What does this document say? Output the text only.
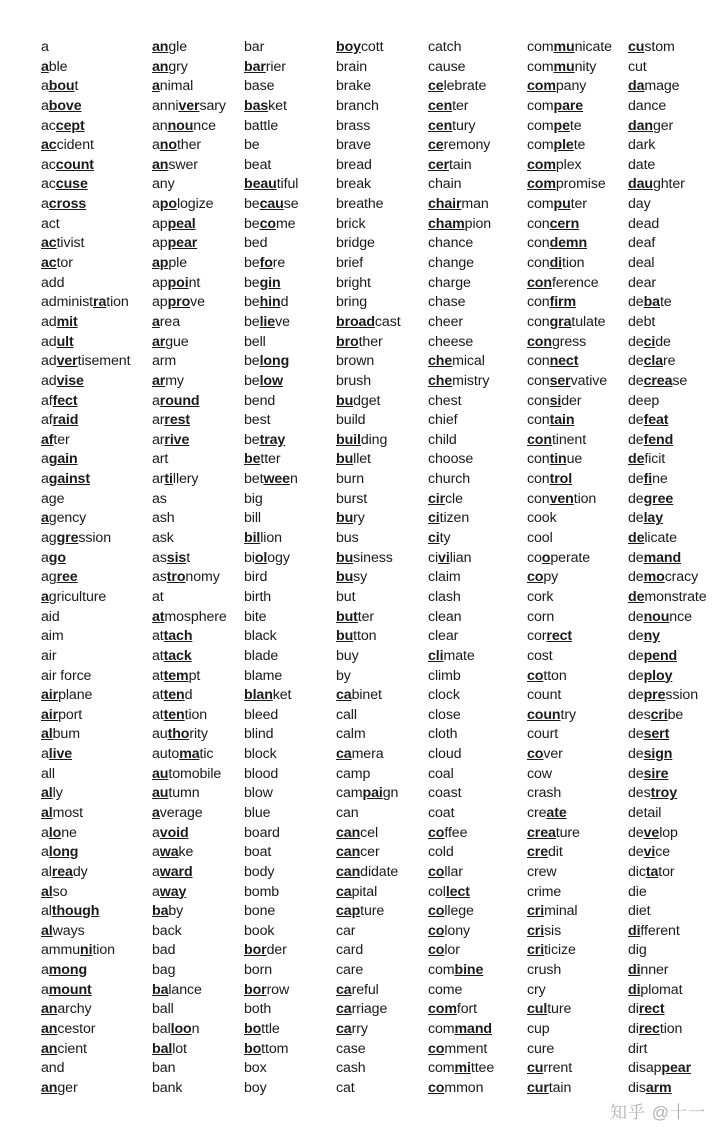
a
able
about
above
accept
accident
account
accuse
across
act
activist
actor
add
administration
admit
adult
advertisement
advise
affect
afraid
after
again
against
age
agency
aggression
ago
agree
agriculture
aid
aim
air
air force
airplane
airport
album
alive
all
ally
almost
alone
along
already
also
although
always
ammunition
among
amount
anarchy
ancestor
ancient
and
anger
angle
angry
animal
anniversary
announce
another
answer
any
apologize
appeal
appear
apple
appoint
approve
area
argue
arm
army
around
arrest
arrive
art
artillery
as
ash
ask
assist
astronomy
at
atmosphere
attach
attack
attempt
attend
attention
authority
automatic
automobile
autumn
average
avoid
awake
award
away
baby
back
bad
bag
balance
ball
balloon
ballot
ban
bank
bar
barrier
base
basket
battle
be
beat
beautiful
because
become
bed
before
begin
behind
believe
bell
belong
below
bend
best
betray
better
between
big
bill
billion
biology
bird
birth
bite
black
blade
blame
blanket
bleed
blind
block
blood
blow
blue
board
boat
body
bomb
bone
book
border
born
borrow
both
bottle
bottom
box
boy
boycott
brain
brake
branch
brass
brave
bread
break
breathe
brick
bridge
brief
bright
bring
broadcast
brother
brown
brush
budget
build
building
bullet
burn
burst
bury
bus
business
busy
but
butter
button
buy
by
cabinet
call
calm
camera
camp
campaign
can
cancel
cancer
candidate
capital
capture
car
card
care
careful
carriage
carry
case
cash
cat
catch
cause
celebrate
center
century
ceremony
certain
chain
chairman
champion
chance
change
charge
chase
cheer
cheese
chemical
chemistry
chest
chief
child
choose
church
circle
citizen
city
civilian
claim
clash
clean
clear
climate
climb
clock
close
cloth
cloud
coal
coast
coat
coffee
cold
collar
collect
college
colony
color
combine
come
comfort
command
comment
committee
common
communicate
community
company
compare
compete
complete
complex
compromise
computer
concern
condemn
condition
conference
confirm
congratulate
congress
connect
conservative
consider
contain
continent
continue
control
convention
cook
cool
cooperate
copy
cork
corn
correct
cost
cotton
count
country
court
cover
cow
crash
create
creature
credit
crew
crime
criminal
crisis
criticize
crush
cry
culture
cup
cure
current
curtain
custom
cut
damage
dance
danger
dark
date
daughter
day
dead
deaf
deal
dear
debate
debt
decide
declare
decrease
deep
defeat
defend
deficit
define
degree
delay
delicate
demand
democracy
demonstrate
denounce
deny
depend
deploy
depression
describe
desert
design
desire
destroy
detail
develop
device
dictator
die
diet
different
dig
dinner
diplomat
direct
direction
dirt
disappear
disarm
知乎 @十一
